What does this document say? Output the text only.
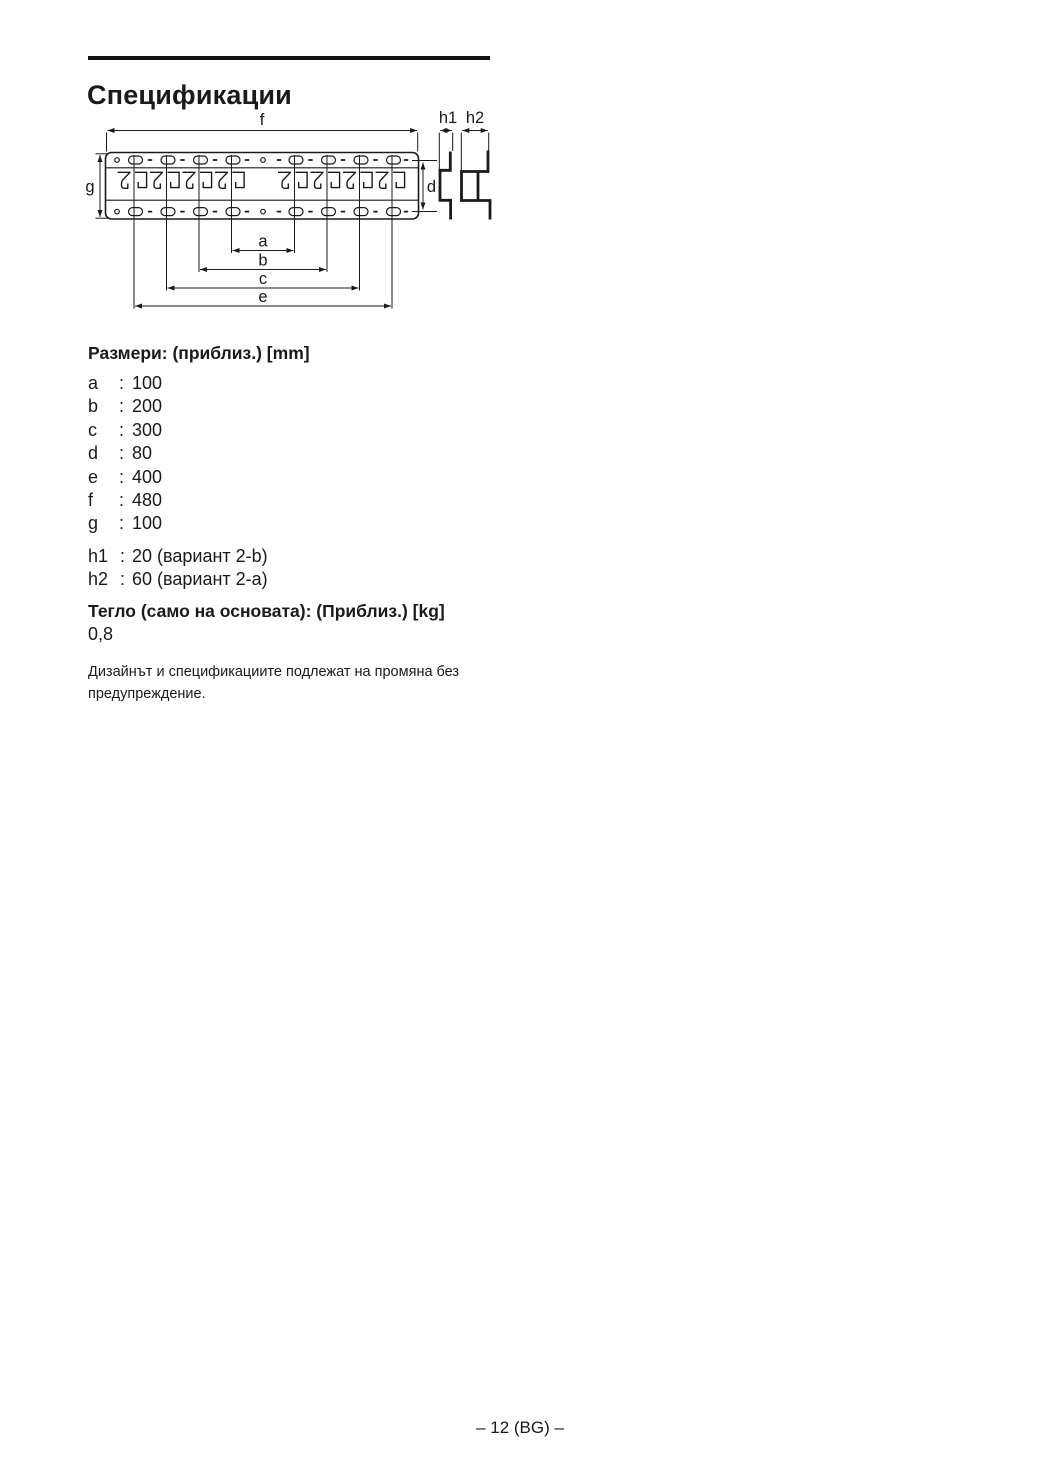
Спецификации
f	h1 h2
g	d
a
b
c
e
Размери: (приблиз.) [mm]
a	: 100
b	: 200
c	: 300
d	: 80
e	: 400
f	: 480
g	: 100
h1 : 20 (вариант 2-b)
h2 : 60 (вариант 2-a)
Тегло (само на основата): (Приблиз.) [kg]
0,8
Дизайнът и спецификациите подлежат на промяна без предупреждение.
– 12 (BG) –
